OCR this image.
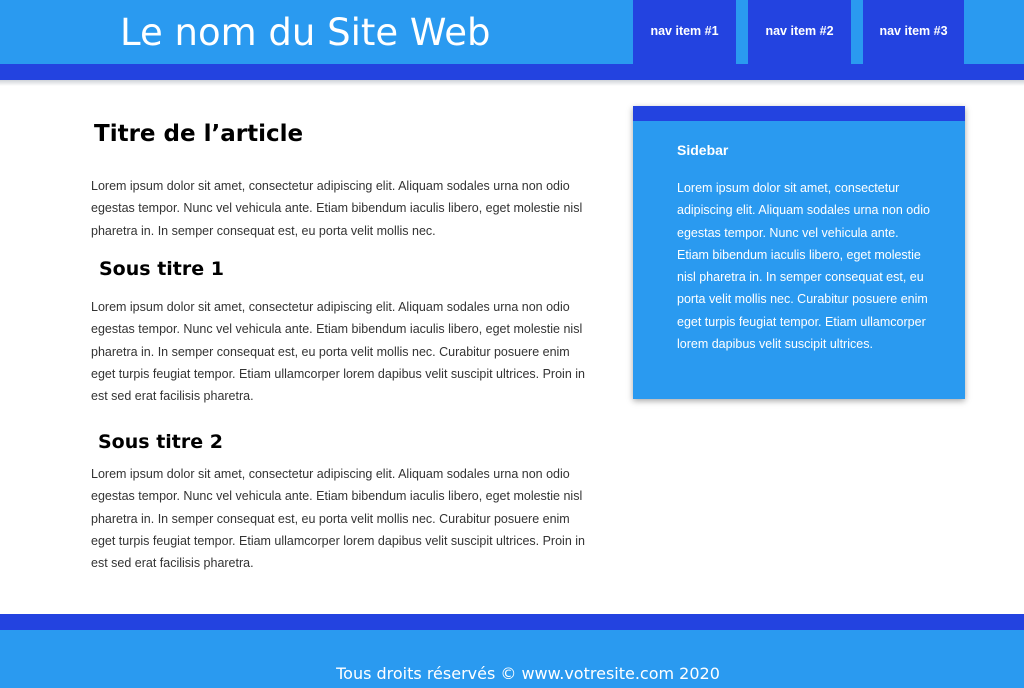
Le nom du Site Web	nav item #1	nav item #2	nav item #3
Titre de l’article
Lorem ipsum dolor sit amet, consectetur adipiscing elit. Aliquam sodales urna non odio egestas tempor. Nunc vel vehicula ante. Etiam bibendum iaculis libero, eget molestie nisl pharetra in. In semper consequat est, eu porta velit mollis nec.
Sous titre 1
Lorem ipsum dolor sit amet, consectetur adipiscing elit. Aliquam sodales urna non odio egestas tempor. Nunc vel vehicula ante. Etiam bibendum iaculis libero, eget molestie nisl pharetra in. In semper consequat est, eu porta velit mollis nec. Curabitur posuere enim eget turpis feugiat tempor. Etiam ullamcorper lorem dapibus velit suscipit ultrices. Proin in est sed erat facilisis pharetra.
Sous titre 2
Lorem ipsum dolor sit amet, consectetur adipiscing elit. Aliquam sodales urna non odio egestas tempor. Nunc vel vehicula ante. Etiam bibendum iaculis libero, eget molestie nisl pharetra in. In semper consequat est, eu porta velit mollis nec. Curabitur posuere enim eget turpis feugiat tempor. Etiam ullamcorper lorem dapibus velit suscipit ultrices. Proin in est sed erat facilisis pharetra.
Sidebar
Lorem ipsum dolor sit amet, consectetur adipiscing elit. Aliquam sodales urna non odio egestas tempor. Nunc vel vehicula ante. Etiam bibendum iaculis libero, eget molestie nisl pharetra in. In semper consequat est, eu porta velit mollis nec. Curabitur posuere enim eget turpis feugiat tempor. Etiam ullamcorper lorem dapibus velit suscipit ultrices.
Tous droits réservés © www.votresite.com 2020
